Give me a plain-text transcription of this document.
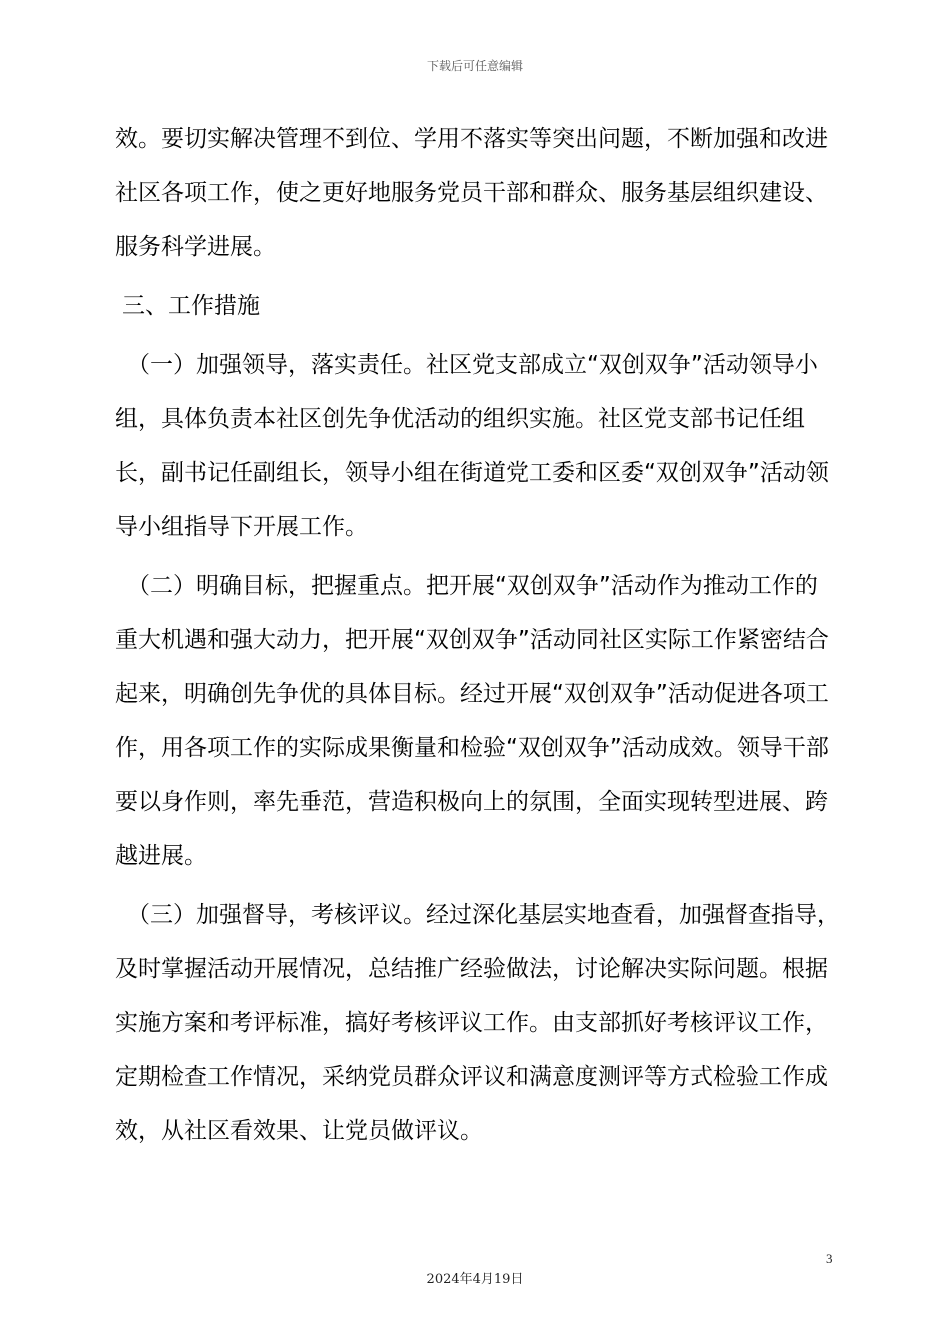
下载后可任意编辑

效。要切实解决管理不到位、学用不落实等突出问题，不断加强和改进社区各项工作，使之更好地服务党员干部和群众、服务基层组织建设、服务科学进展。

三、工作措施

（一）加强领导，落实责任。社区党支部成立“双创双争”活动领导小组，具体负责本社区创先争优活动的组织实施。社区党支部书记任组长，副书记任副组长，领导小组在街道党工委和区委“双创双争”活动领导小组指导下开展工作。

（二）明确目标，把握重点。把开展“双创双争”活动作为推动工作的重大机遇和强大动力，把开展“双创双争”活动同社区实际工作紧密结合起来，明确创先争优的具体目标。经过开展“双创双争”活动促进各项工作，用各项工作的实际成果衡量和检验“双创双争”活动成效。领导干部要以身作则，率先垂范，营造积极向上的氛围，全面实现转型进展、跨越进展。

（三）加强督导，考核评议。经过深化基层实地查看，加强督查指导，及时掌握活动开展情况，总结推广经验做法，讨论解决实际问题。根据实施方案和考评标准，搞好考核评议工作。由支部抓好考核评议工作，定期检查工作情况，采纳党员群众评议和满意度测评等方式检验工作成效，从社区看效果、让党员做评议。

3
2024年4月19日
